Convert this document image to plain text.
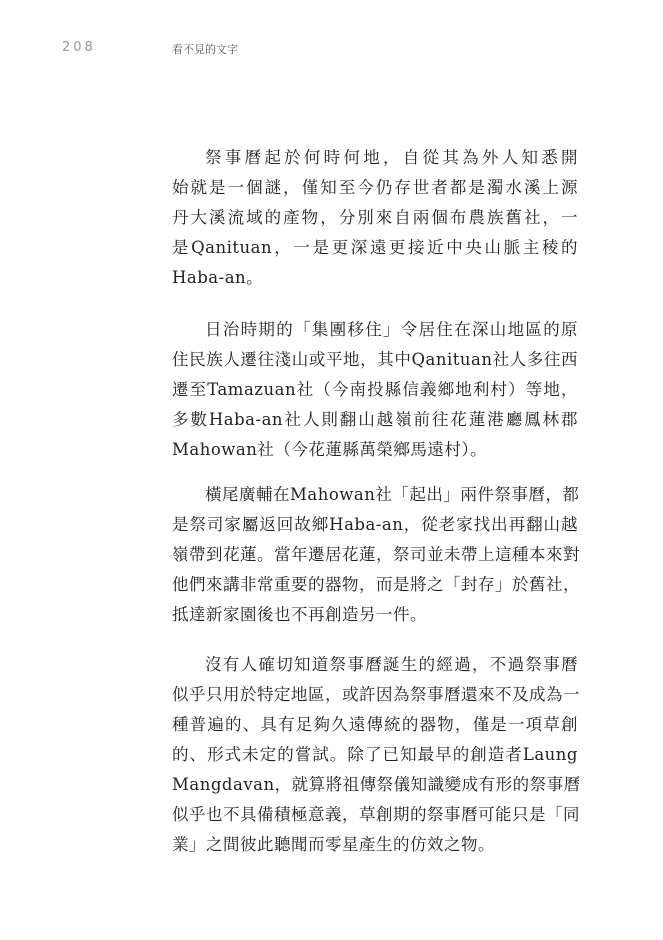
208	看不見的文字
祭事曆起於何時何地，自從其為外人知悉開
始就是一個謎，僅知至今仍存世者都是濁水溪上源
丹大溪流域的產物，分別來自兩個布農族舊社，一
是Qanituan，一是更深遠更接近中央山脈主稜的
Haba-an。
日治時期的「集團移住」令居住在深山地區的原
住民族人遷往淺山或平地，其中Qanituan社人多往西
遷至Tamazuan社（今南投縣信義鄉地利村）等地，
多數Haba-an社人則翻山越嶺前往花蓮港廳鳳林郡
Mahowan社（今花蓮縣萬榮鄉馬遠村）。
橫尾廣輔在Mahowan社「起出」兩件祭事曆，都
是祭司家屬返回故鄉Haba-an，從老家找出再翻山越
嶺帶到花蓮。當年遷居花蓮，祭司並未帶上這種本來對
他們來講非常重要的器物，而是將之「封存」於舊社，
抵達新家園後也不再創造另一件。
沒有人確切知道祭事曆誕生的經過，不過祭事曆
似乎只用於特定地區，或許因為祭事曆還來不及成為一
種普遍的、具有足夠久遠傳統的器物，僅是一項草創
的、形式未定的嘗試。除了已知最早的創造者Laung
Mangdavan，就算將祖傳祭儀知識變成有形的祭事曆
似乎也不具備積極意義，草創期的祭事曆可能只是「同
業」之間彼此聽聞而零星產生的仿效之物。
